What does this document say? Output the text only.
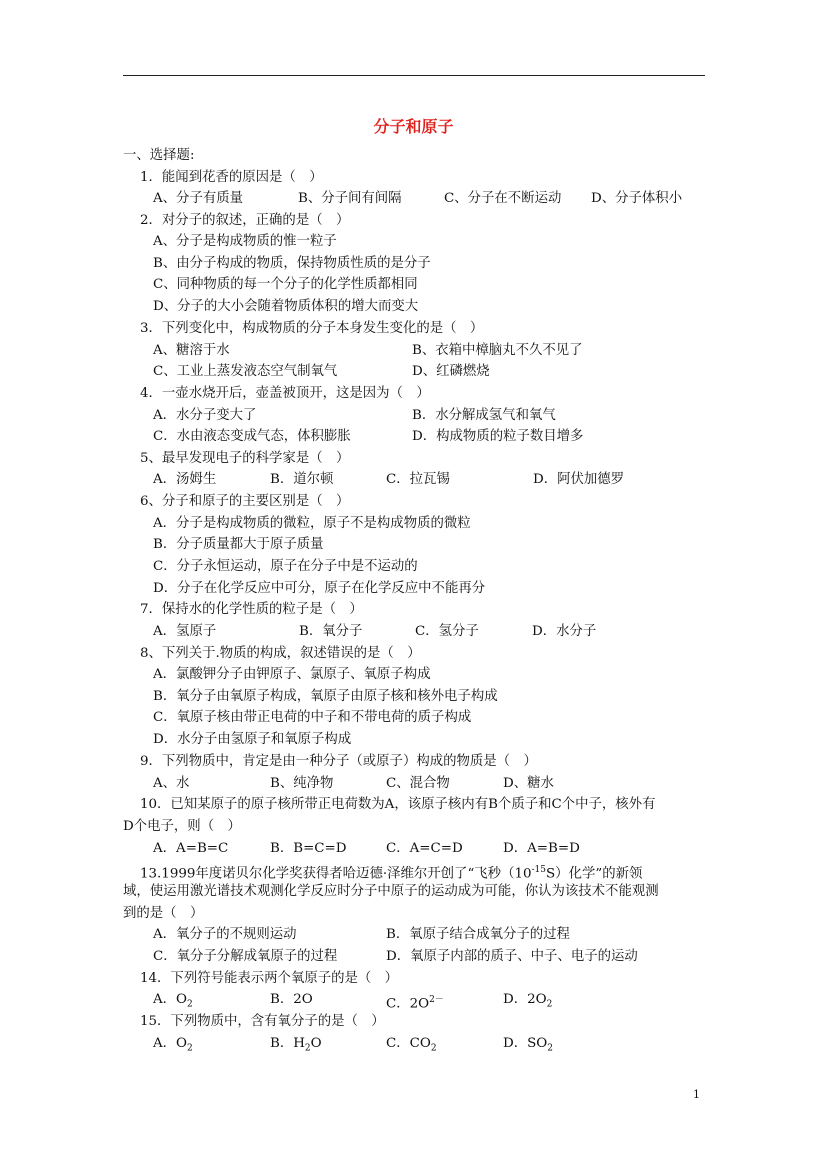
分子和原子
一、选择题:
1．能闻到花香的原因是（　）
A、分子有质量	B、分子间有间隔	C、分子在不断运动 D、分子体积小
2．对分子的叙述，正确的是（　）
A、分子是构成物质的惟一粒子
B、由分子构成的物质，保持物质性质的是分子
C、同种物质的每一个分子的化学性质都相同
D、分子的大小会随着物质体积的增大而变大
3．下列变化中，构成物质的分子本身发生变化的是（　）
A、糖溶于水	B、衣箱中樟脑丸不久不见了
C、工业上蒸发液态空气制氧气	D、红磷燃烧
4．一壶水烧开后，壶盖被顶开，这是因为（　）
A．水分子变大了	B．水分解成氢气和氧气
C．水由液态变成气态，体积膨胀	D．构成物质的粒子数目增多
5、最早发现电子的科学家是（　）
A．汤姆生	B．道尔顿	C．拉瓦锡	D．阿伏加德罗
6、分子和原子的主要区别是（　）
A．分子是构成物质的微粒，原子不是构成物质的微粒
B．分子质量都大于原子质量
C．分子永恒运动，原子在分子中是不运动的
D．分子在化学反应中可分，原子在化学反应中不能再分
7．保持水的化学性质的粒子是（　）
A．氢原子	B．氧分子	C．氢分子	D．水分子
8、下列关于.物质的构成，叙述错误的是（　）
A．氯酸钾分子由钾原子、氯原子、氧原子构成
B．氧分子由氧原子构成，氧原子由原子核和核外电子构成
C．氧原子核由带正电荷的中子和不带电荷的质子构成
D．水分子由氢原子和氧原子构成
9．下列物质中，肯定是由一种分子（或原子）构成的物质是（　）
A、水	B、纯净物	C、混合物	D、糖水
10．已知某原子的原子核所带正电荷数为A，该原子核内有B个质子和C个中子，核外有
D个电子，则（　）
A．A=B=C	B．B=C=D	C．A=C=D	D．A=B=D
13.1999年度诺贝尔化学奖获得者哈迈德·泽维尔开创了“飞秒$(10^{-15}S)$化学”的新领
域，使运用激光谱技术观测化学反应时分子中原子的运动成为可能，你认为该技术不能观测
到的是（　）
A．氧分子的不规则运动	B．氧原子结合成氧分子的过程
C．氧分子分解成氧原子的过程	D．氧原子内部的质子、中子、电子的运动
14．下列符号能表示两个氧原子的是（　）
A．$O_2$	B．2O	C．$2O^{2-}$	D．$2O_2$
15．下列物质中，含有氧分子的是（　）
A．$O_2$	B．$H_2O$	C．$CO_2$	D．$SO_2$
1
